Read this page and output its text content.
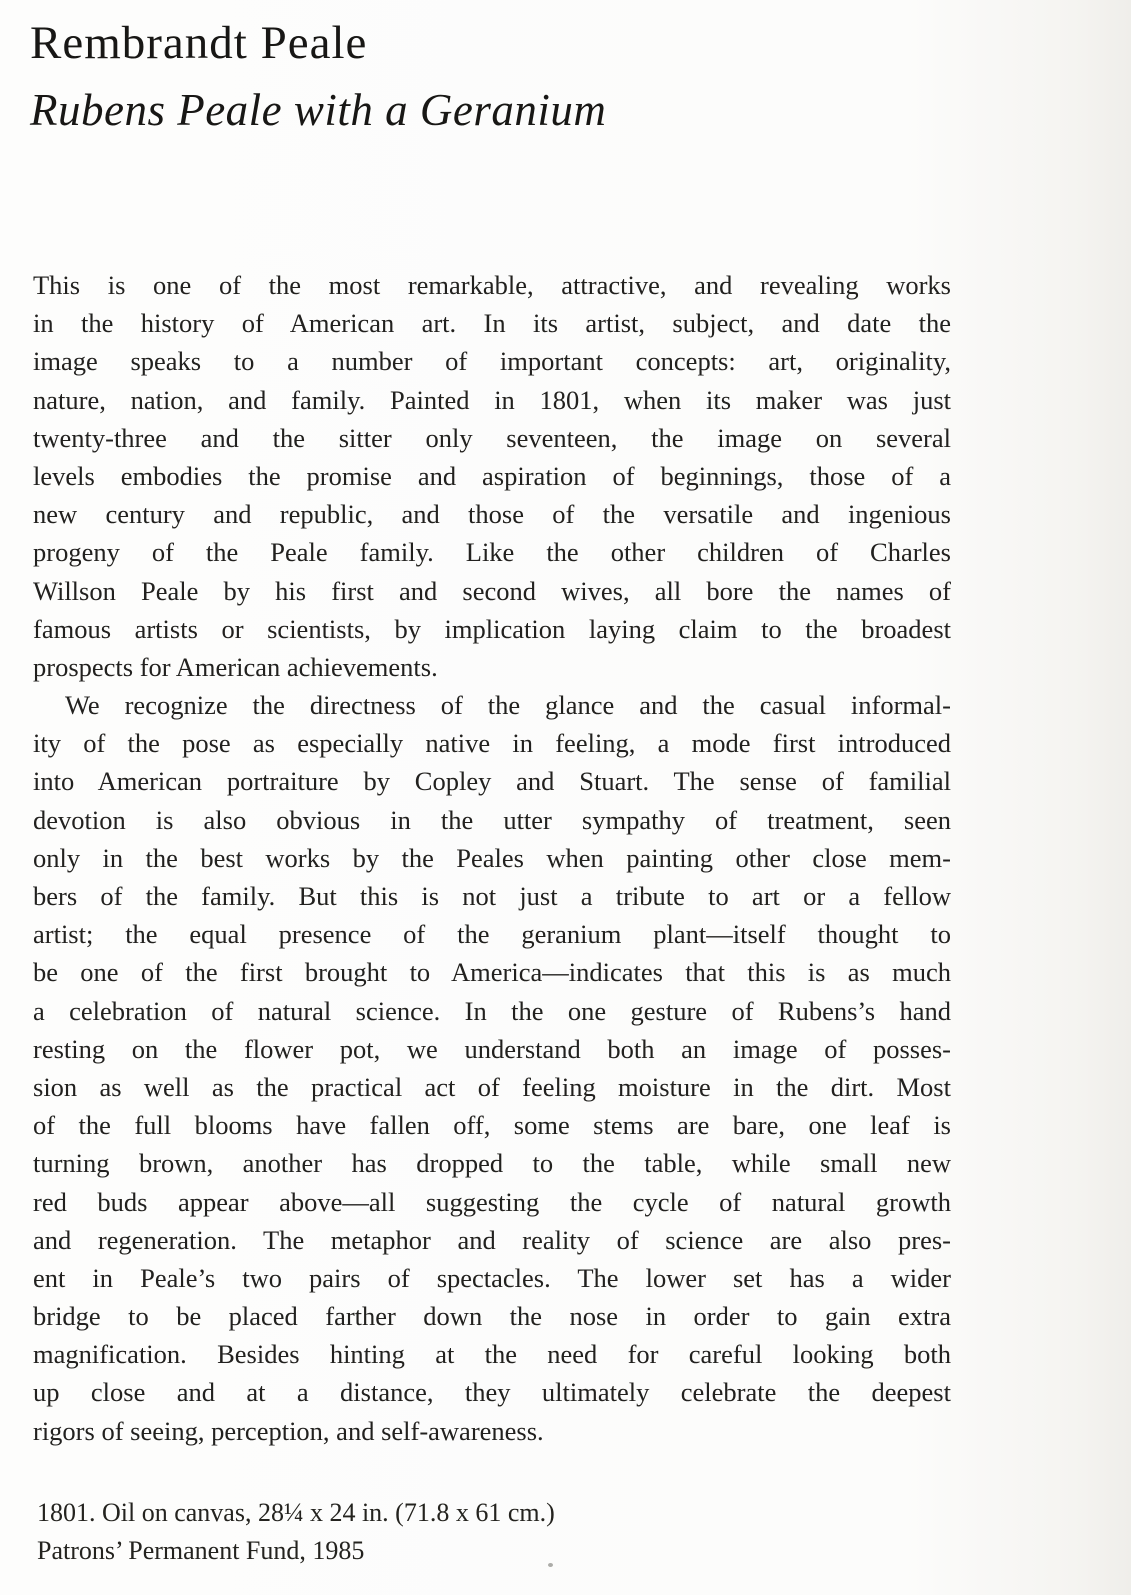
Rembrandt Peale
Rubens Peale with a Geranium
This is one of the most remarkable, attractive, and revealing works
in the history of American art. In its artist, subject, and date the
image speaks to a number of important concepts: art, originality,
nature, nation, and family. Painted in 1801, when its maker was just
twenty-three and the sitter only seventeen, the image on several
levels embodies the promise and aspiration of beginnings, those of a
new century and republic, and those of the versatile and ingenious
progeny of the Peale family. Like the other children of Charles
Willson Peale by his first and second wives, all bore the names of
famous artists or scientists, by implication laying claim to the broadest
prospects for American achievements.
We recognize the directness of the glance and the casual informal-
ity of the pose as especially native in feeling, a mode first introduced
into American portraiture by Copley and Stuart. The sense of familial
devotion is also obvious in the utter sympathy of treatment, seen
only in the best works by the Peales when painting other close mem-
bers of the family. But this is not just a tribute to art or a fellow
artist; the equal presence of the geranium plant—itself thought to
be one of the first brought to America—indicates that this is as much
a celebration of natural science. In the one gesture of Rubens’s hand
resting on the flower pot, we understand both an image of posses-
sion as well as the practical act of feeling moisture in the dirt. Most
of the full blooms have fallen off, some stems are bare, one leaf is
turning brown, another has dropped to the table, while small new
red buds appear above—all suggesting the cycle of natural growth
and regeneration. The metaphor and reality of science are also pres-
ent in Peale’s two pairs of spectacles. The lower set has a wider
bridge to be placed farther down the nose in order to gain extra
magnification. Besides hinting at the need for careful looking both
up close and at a distance, they ultimately celebrate the deepest
rigors of seeing, perception, and self-awareness.
1801. Oil on canvas, 28¼ x 24 in. (71.8 x 61 cm.)
Patrons’ Permanent Fund, 1985
